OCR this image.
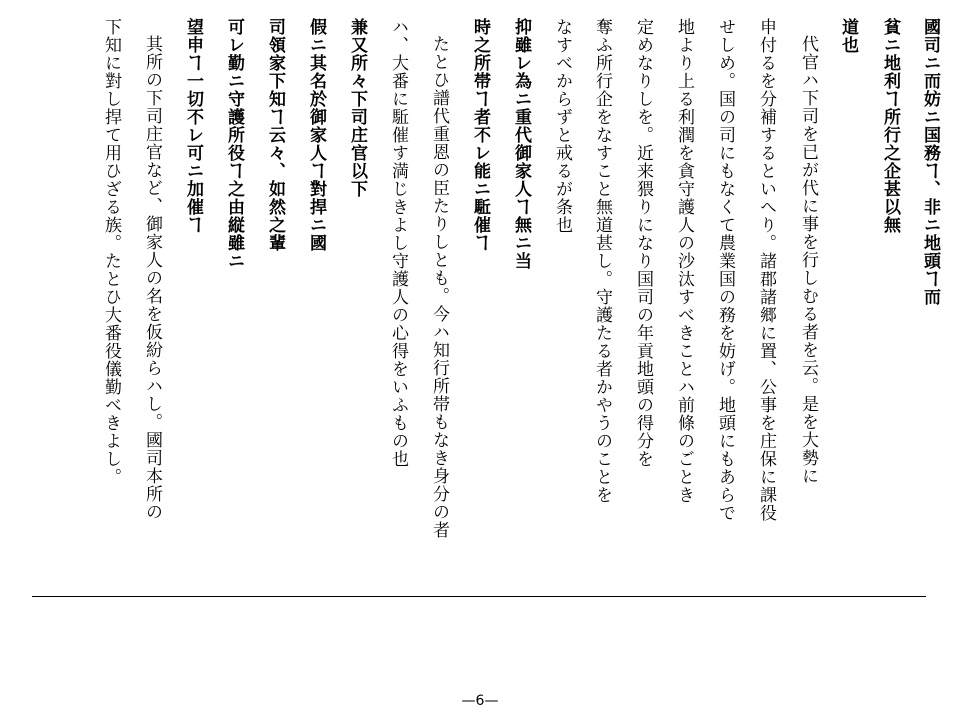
國司ニ而妨ニ国務ヿ、非ニ地頭ヿ而
貧ニ地利ヿ所行之企甚以無
道也
代官ハ下司を已が代に事を行しむる者を云。是を大勢に
申付るを分補するといへり。諸郡諸郷に置、公事を庄保に課役
せしめ。国の司にもなくて農業国の務を妨げ。地頭にもあらで
地より上る利潤を貪守護人の沙汰すべきことハ前條のごとき
定めなりしを。近来猥りになり国司の年貢地頭の得分を
奪ふ所行企をなすこと無道甚し。守護たる者かやうのことを
なすべからずと戒るが条也
抑雖レ為ニ重代御家人ヿ無ニ当
時之所帯ヿ者不レ能ニ駈催ヿ
たとひ譜代重恩の臣たりしとも。今ハ知行所帯もなき身分の者
ハ、大番に駈催す満じきよし守護人の心得をいふもの也
兼又所々下司庄官以下
假ニ其名於御家人ヿ對捍ニ國
司領家下知ヿ云々、如然之輩
可レ勤ニ守護所役ヿ之由縦雖ニ
望申ヿ一切不レ可ニ加催ヿ
其所の下司庄官など、御家人の名を仮紛らハし。國司本所の
下知に對し捍て用ひざる族。たとひ大番役儀勤べきよし。
—6—
